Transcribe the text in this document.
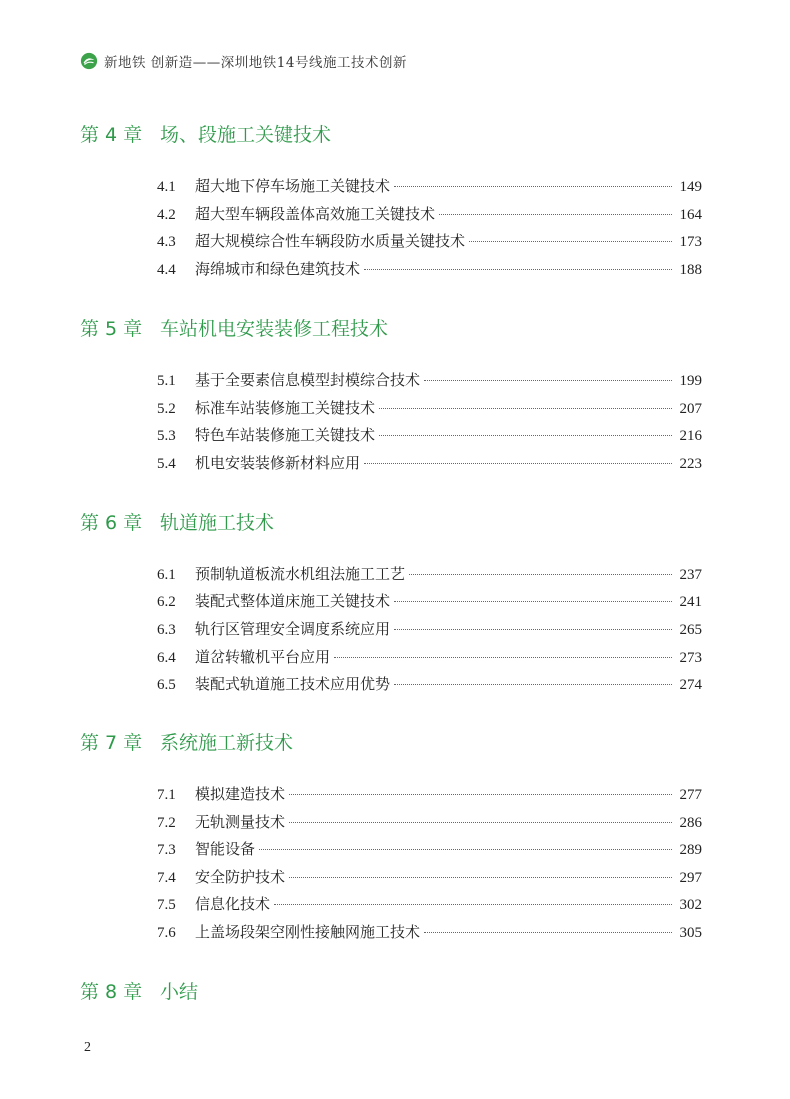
新地铁 创新造——深圳地铁14号线施工技术创新
第 4 章 场、段施工关键技术
4.1	超大地下停车场施工关键技术	149
4.2	超大型车辆段盖体高效施工关键技术	164
4.3	超大规模综合性车辆段防水质量关键技术	173
4.4	海绵城市和绿色建筑技术	188
第 5 章 车站机电安装装修工程技术
5.1	基于全要素信息模型封模综合技术	199
5.2	标准车站装修施工关键技术	207
5.3	特色车站装修施工关键技术	216
5.4	机电安装装修新材料应用	223
第 6 章 轨道施工技术
6.1	预制轨道板流水机组法施工工艺	237
6.2	装配式整体道床施工关键技术	241
6.3	轨行区管理安全调度系统应用	265
6.4	道岔转辙机平台应用	273
6.5	装配式轨道施工技术应用优势	274
第 7 章 系统施工新技术
7.1	模拟建造技术	277
7.2	无轨测量技术	286
7.3	智能设备	289
7.4	安全防护技术	297
7.5	信息化技术	302
7.6	上盖场段架空刚性接触网施工技术	305
第 8 章 小结
2
